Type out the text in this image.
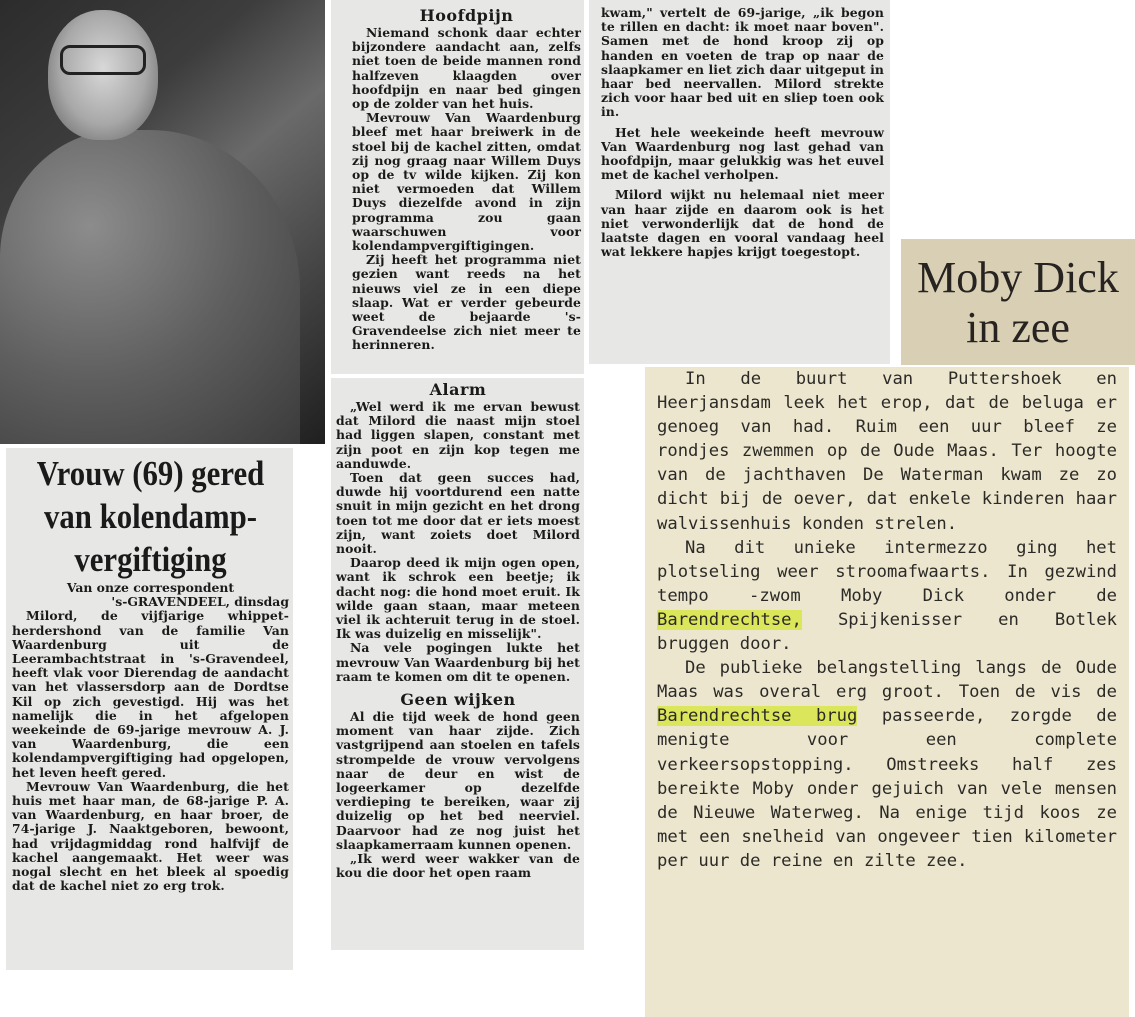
Vrouw (69) gered
van kolendamp-
vergiftiging
Van onze correspondent
's-GRAVENDEEL, dinsdag

Milord, de vijfjarige whippet-herdershond van de familie Van Waardenburg uit de Leerambachtstraat in 's-Gravendeel, heeft vlak voor Dierendag de aandacht van het vlassersdorp aan de Dordtse Kil op zich gevestigd. Hij was het namelijk die in het afgelopen weekeinde de 69-jarige mevrouw A. J. van Waardenburg, die een kolendampvergiftiging had opgelopen, het leven heeft gered.

Mevrouw Van Waardenburg, die het huis met haar man, de 68-jarige P. A. van Waardenburg, en haar broer, de 74-jarige J. Naaktgeboren, bewoont, had vrijdagmiddag rond halfvijf de kachel aangemaakt. Het weer was nogal slecht en het bleek al spoedig dat de kachel niet zo erg trok.

Hoofdpijn

Niemand schonk daar echter bijzondere aandacht aan, zelfs niet toen de beide mannen rond halfzeven klaagden over hoofdpijn en naar bed gingen op de zolder van het huis.

Mevrouw Van Waardenburg bleef met haar breiwerk in de stoel bij de kachel zitten, omdat zij nog graag naar Willem Duys op de tv wilde kijken. Zij kon niet vermoeden dat Willem Duys diezelfde avond in zijn programma zou gaan waarschuwen voor kolendampvergiftigingen.

Zij heeft het programma niet gezien want reeds na het nieuws viel ze in een diepe slaap. Wat er verder gebeurde weet de bejaarde 's-Gravendeelse zich niet meer te herinneren.

kwam," vertelt de 69-jarige, „ik begon te rillen en dacht: ik moet naar boven". Samen met de hond kroop zij op handen en voeten de trap op naar de slaapkamer en liet zich daar uitgeput in haar bed neervallen. Milord strekte zich voor haar bed uit en sliep toen ook in.

Het hele weekeinde heeft mevrouw Van Waardenburg nog last gehad van hoofdpijn, maar gelukkig was het euvel met de kachel verholpen.

Milord wijkt nu helemaal niet meer van haar zijde en daarom ook is het niet verwonderlijk dat de hond de laatste dagen en vooral vandaag heel wat lekkere hapjes krijgt toegestopt.

Alarm

„Wel werd ik me ervan bewust dat Milord die naast mijn stoel had liggen slapen, constant met zijn poot en zijn kop tegen me aanduwde.

Toen dat geen succes had, duwde hij voortdurend een natte snuit in mijn gezicht en het drong toen tot me door dat er iets moest zijn, want zoiets doet Milord nooit.

Daarop deed ik mijn ogen open, want ik schrok een beetje; ik dacht nog: die hond moet eruit. Ik wilde gaan staan, maar meteen viel ik achteruit terug in de stoel. Ik was duizelig en misselijk".

Na vele pogingen lukte het mevrouw Van Waardenburg bij het raam te komen om dit te openen.

Geen wijken

Al die tijd week de hond geen moment van haar zijde. Zich vastgrijpend aan stoelen en tafels strompelde de vrouw vervolgens naar de deur en wist de logeerkamer op dezelfde verdieping te bereiken, waar zij duizelig op het bed neerviel. Daarvoor had ze nog juist het slaapkamerraam kunnen openen.

„Ik werd weer wakker van de kou die door het open raam

Moby Dick
in zee

In de buurt van Puttershoek en Heerjansdam leek het erop, dat de beluga er genoeg van had. Ruim een uur bleef ze rondjes zwemmen op de Oude Maas. Ter hoogte van de jachthaven De Waterman kwam ze zo dicht bij de oever, dat enkele kinderen haar walvissenhuis konden strelen.

Na dit unieke intermezzo ging het plotseling weer stroomafwaarts. In gezwind tempo -zwom Moby Dick onder de Barendrechtse, Spijkenisser en Botlek bruggen door.

De publieke belangstelling langs de Oude Maas was overal erg groot. Toen de vis de Barendrechtse brug passeerde, zorgde de menigte voor een complete verkeersopstopping. Omstreeks half zes bereikte Moby onder gejuich van vele mensen de Nieuwe Waterweg. Na enige tijd koos ze met een snelheid van ongeveer tien kilometer per uur de reine en zilte zee.
